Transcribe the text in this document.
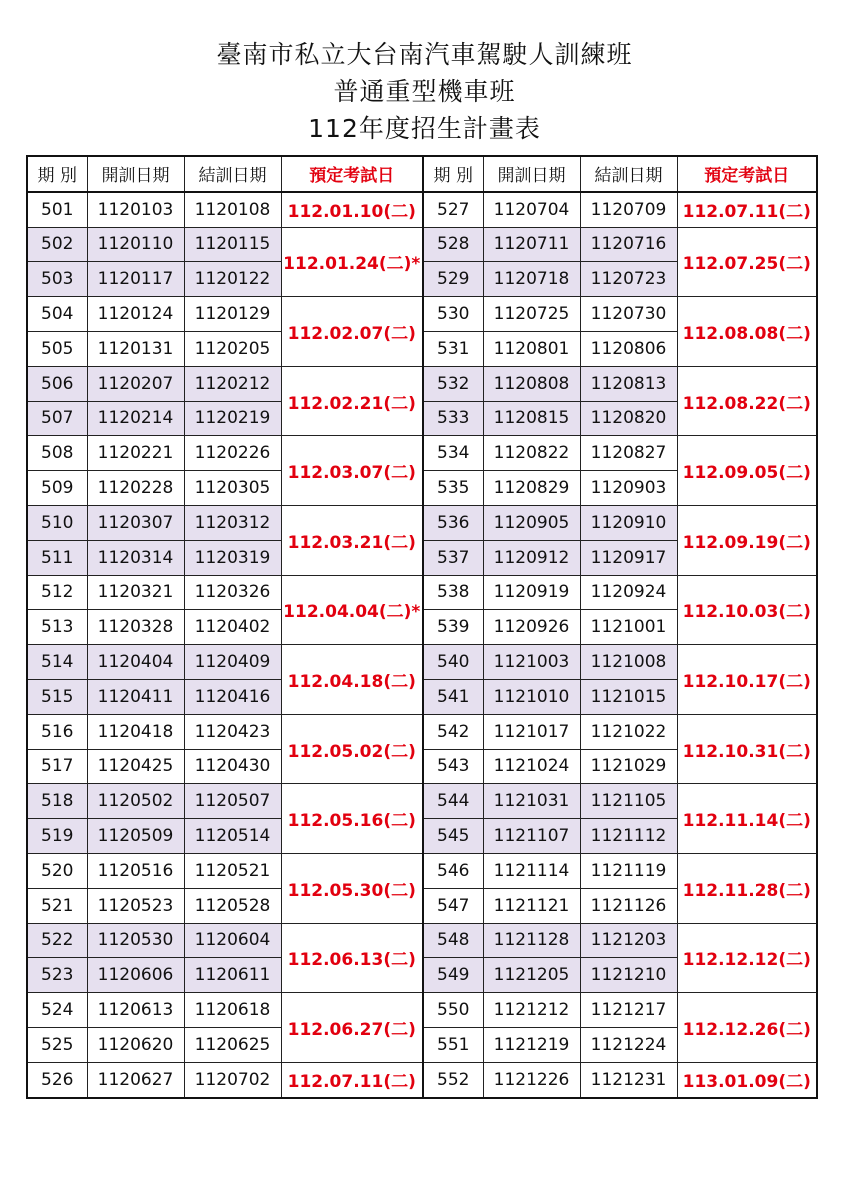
臺南市私立大台南汽車駕駛人訓練班
普通重型機車班
112年度招生計畫表
期 別	開訓日期	結訓日期	預定考試日	期 別	開訓日期	結訓日期	預定考試日
501	1120103	1120108	112.01.10(二)	527	1120704	1120709	112.07.11(二)
502	1120110	1120115	112.01.24(二)*	528	1120711	1120716	112.07.25(二)
503	1120117	1120122		529	1120718	1120723	
504	1120124	1120129	112.02.07(二)	530	1120725	1120730	112.08.08(二)
505	1120131	1120205		531	1120801	1120806	
506	1120207	1120212	112.02.21(二)	532	1120808	1120813	112.08.22(二)
507	1120214	1120219		533	1120815	1120820	
508	1120221	1120226	112.03.07(二)	534	1120822	1120827	112.09.05(二)
509	1120228	1120305		535	1120829	1120903	
510	1120307	1120312	112.03.21(二)	536	1120905	1120910	112.09.19(二)
511	1120314	1120319		537	1120912	1120917	
512	1120321	1120326	112.04.04(二)*	538	1120919	1120924	112.10.03(二)
513	1120328	1120402		539	1120926	1121001	
514	1120404	1120409	112.04.18(二)	540	1121003	1121008	112.10.17(二)
515	1120411	1120416		541	1121010	1121015	
516	1120418	1120423	112.05.02(二)	542	1121017	1121022	112.10.31(二)
517	1120425	1120430		543	1121024	1121029	
518	1120502	1120507	112.05.16(二)	544	1121031	1121105	112.11.14(二)
519	1120509	1120514		545	1121107	1121112	
520	1120516	1120521	112.05.30(二)	546	1121114	1121119	112.11.28(二)
521	1120523	1120528		547	1121121	1121126	
522	1120530	1120604	112.06.13(二)	548	1121128	1121203	112.12.12(二)
523	1120606	1120611		549	1121205	1121210	
524	1120613	1120618	112.06.27(二)	550	1121212	1121217	112.12.26(二)
525	1120620	1120625		551	1121219	1121224	
526	1120627	1120702	112.07.11(二)	552	1121226	1121231	113.01.09(二)
